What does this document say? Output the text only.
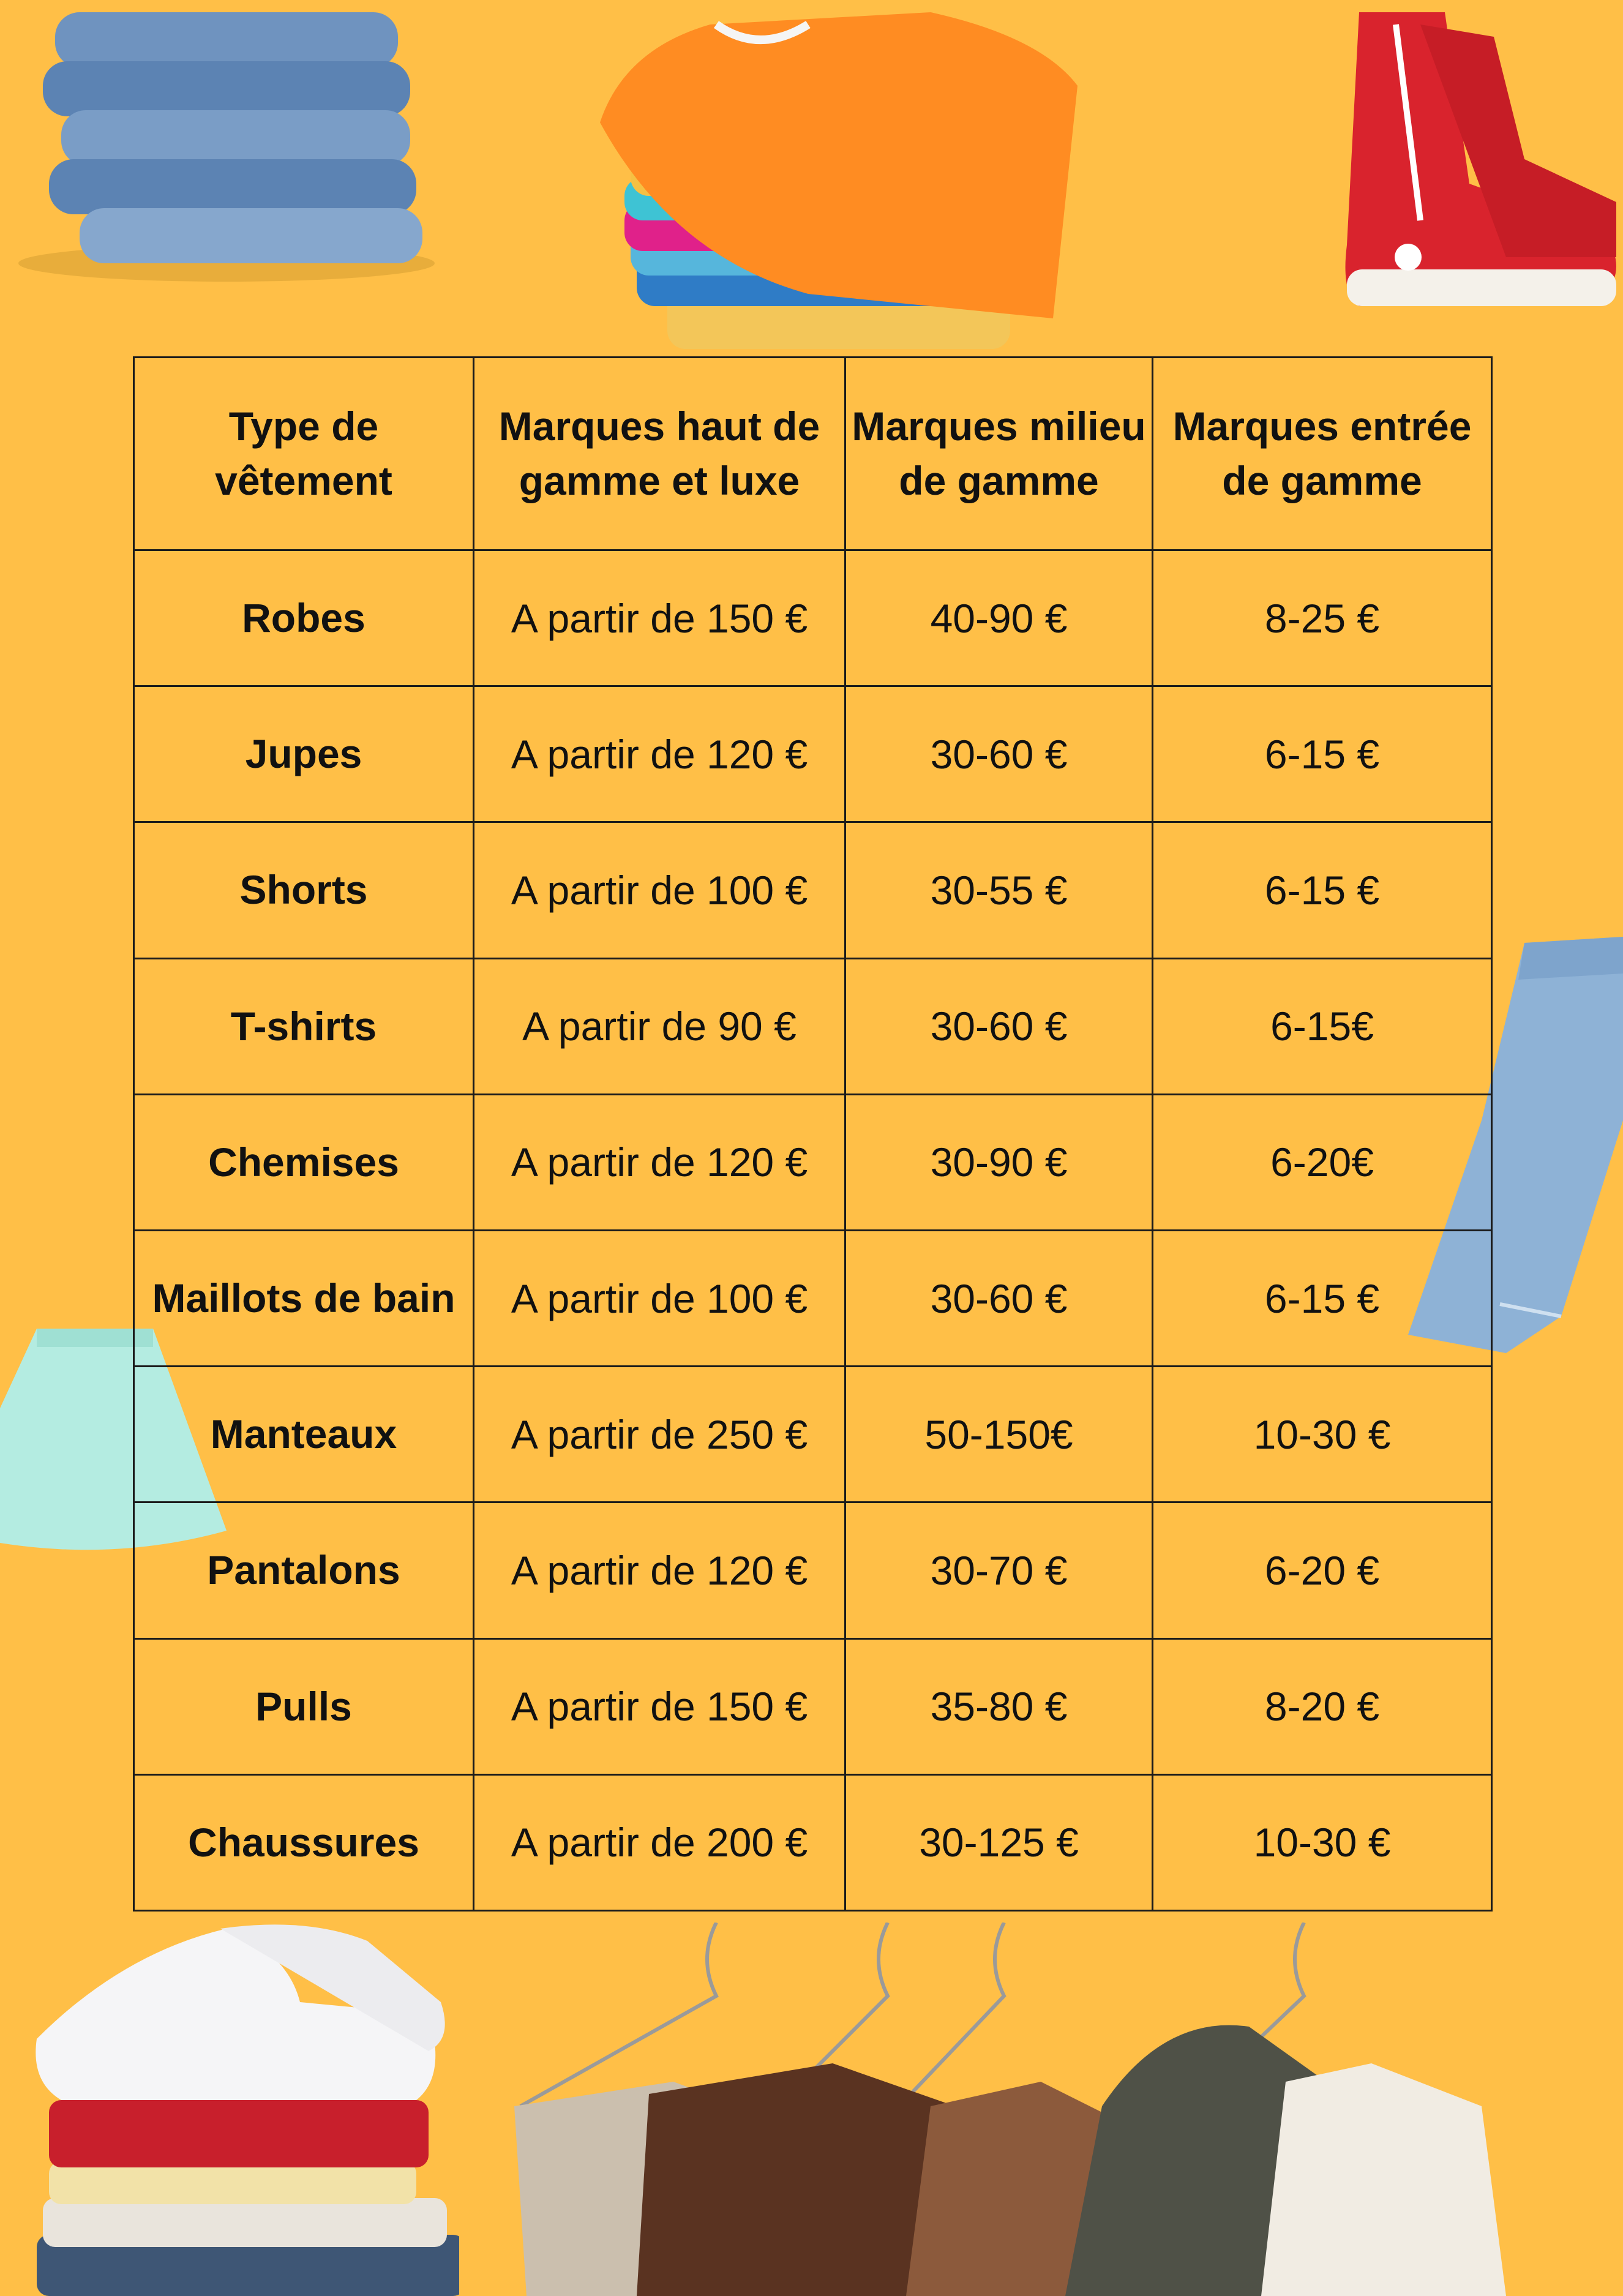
Type de vêtement	Marques haut de gamme et luxe	Marques milieu de gamme	Marques entrée de gamme
Robes	A partir de 150 €	40-90 €	8-25 €
Jupes	A partir de 120 €	30-60 €	6-15 €
Shorts	A partir de 100 €	30-55 €	6-15 €
T-shirts	A partir de 90 €	30-60 €	6-15€
Chemises	A partir de 120 €	30-90 €	6-20€
Maillots de bain	A partir de 100 €	30-60 €	6-15 €
Manteaux	A partir de 250 €	50-150€	10-30 €
Pantalons	A partir de 120 €	30-70 €	6-20 €
Pulls	A partir de 150 €	35-80 €	8-20 €
Chaussures	A partir de 200 €	30-125 €	10-30 €
